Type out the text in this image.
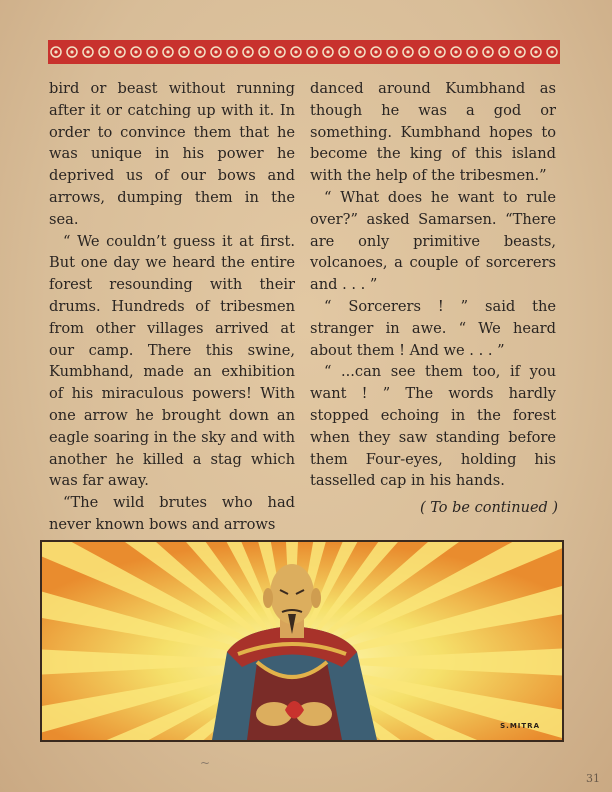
bird or beast without running after it or catching up with it. In order to convince them that he was unique in his power he deprived us of our bows and arrows, dumping them in the sea.

“ We couldn’t guess it at first. But one day we heard the entire forest resounding with their drums. Hundreds of tribesmen from other villages arrived at our camp. There this swine, Kumbhand, made an exhibition of his miraculous powers! With one arrow he brought down an eagle soaring in the sky and with another he killed a stag which was far away.

“The wild brutes who had never known bows and arrows

danced around Kumbhand as though he was a god or something. Kumbhand hopes to become the king of this island with the help of the tribesmen.”

“ What does he want to rule over?” asked Samarsen. “There are only primitive beasts, volcanoes, a couple of sorcerers and . . . ”

“ Sorcerers ! ” said the stranger in awe. “ We heard about them ! And we . . . ”

“ ...can see them too, if you want ! ” The words hardly stopped echoing in the forest when they saw standing before them Four-eyes, holding his tasselled cap in his hands.

( To be continued )
S.MITRA
~
31
